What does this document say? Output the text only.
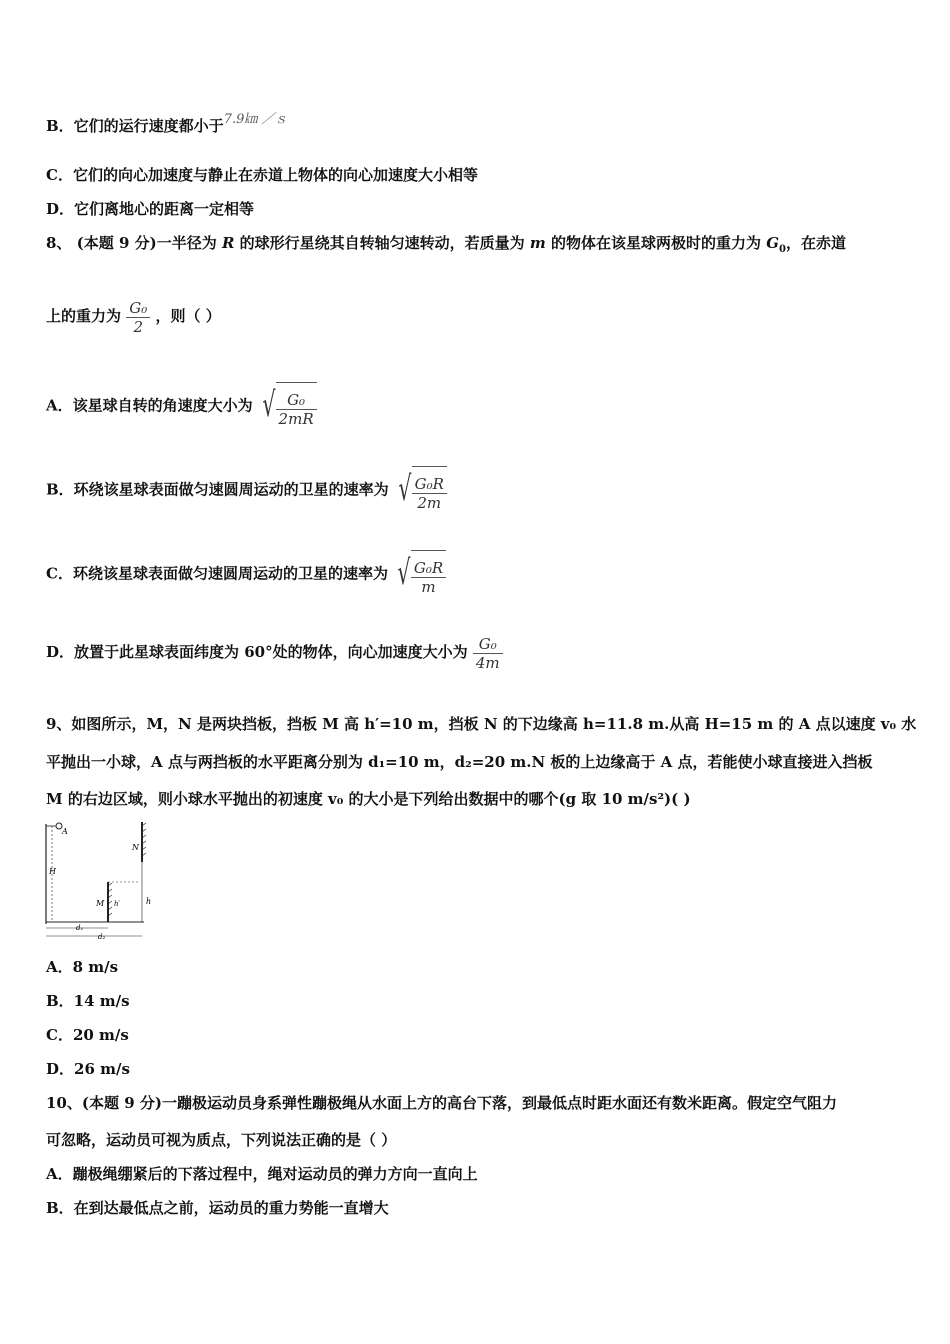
B．它们的运行速度都小于7.9㎞ ／ｓ
C．它们的向心加速度与静止在赤道上物体的向心加速度大小相等
D．它们离地心的距离一定相等
8、 (本题 9 分)一半径为 R 的球形行星绕其自转轴匀速转动，若质量为 m 的物体在该星球两极时的重力为 $G_0$，在赤道
上的重力为 $\frac{\text{G₀}}{2}$ ，则（ ）
A．该星球自转的角速度大小为 √ $\frac{\text{G₀}}{2mR}$
B．环绕该星球表面做匀速圆周运动的卫星的速率为 √ $\frac{\text{G₀R}}{2m}$
C．环绕该星球表面做匀速圆周运动的卫星的速率为 √ $\frac{\text{G₀R}}{m}$
D．放置于此星球表面纬度为 60°处的物体，向心加速度大小为 $\frac{\text{G₀}}{4m}$
9、如图所示，M，N 是两块挡板，挡板 M 高 h′=10 m，挡板 N 的下边缘高 h=11.8 m.从高 H=15 m 的 A 点以速度 v₀ 水
平抛出一小球，A 点与两挡板的水平距离分别为 d₁=10 m，d₂=20 m.N 板的上边缘高于 A 点，若能使小球直接进入挡板
M 的右边区域，则小球水平抛出的初速度 v₀ 的大小是下列给出数据中的哪个(g 取 10 m/s²)( )
A
H
M h′
N
h
d₁
d₂
A．8 m/s
B．14 m/s
C．20 m/s
D．26 m/s
10、(本题 9 分)一蹦极运动员身系弹性蹦极绳从水面上方的高台下落，到最低点时距水面还有数米距离。假定空气阻力
可忽略，运动员可视为质点，下列说法正确的是（ ）
A．蹦极绳绷紧后的下落过程中，绳对运动员的弹力方向一直向上
B．在到达最低点之前，运动员的重力势能一直增大
